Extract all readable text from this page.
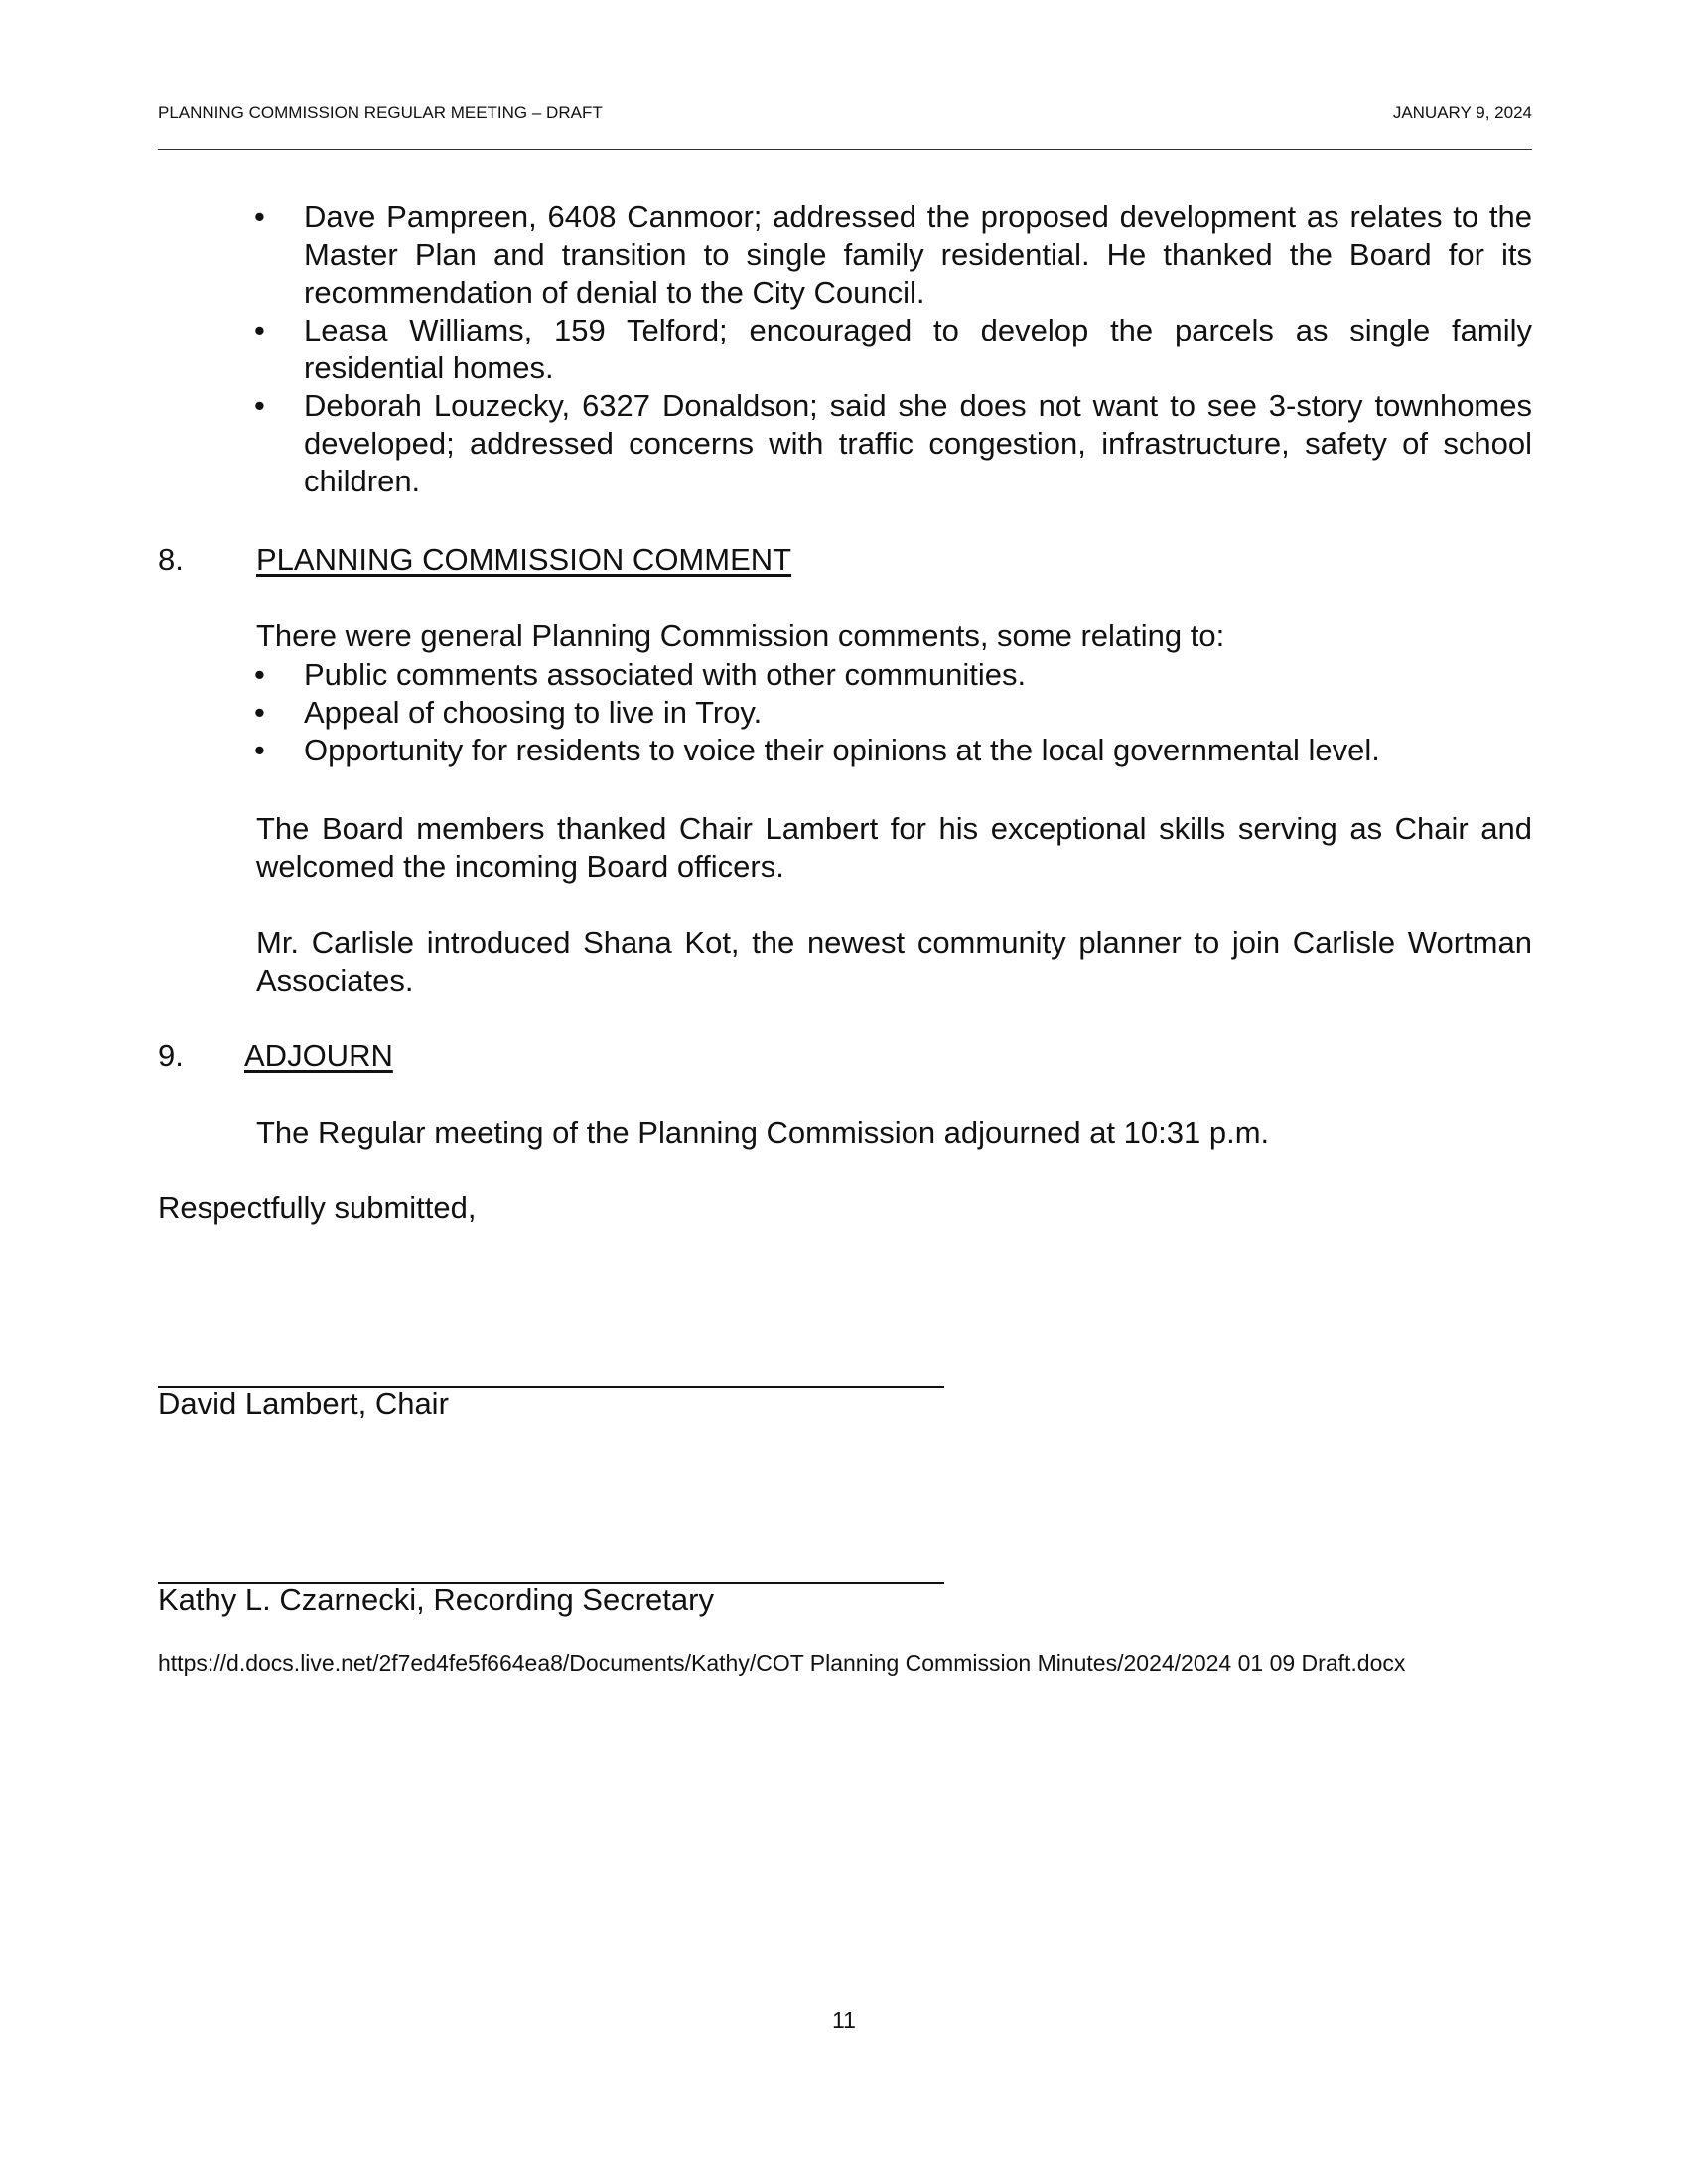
PLANNING COMMISSION REGULAR MEETING – DRAFT	JANUARY 9, 2024
•	Dave Pampreen, 6408 Canmoor; addressed the proposed development as relates to the Master Plan and transition to single family residential. He thanked the Board for its recommendation of denial to the City Council.
•	Leasa Williams, 159 Telford; encouraged to develop the parcels as single family residential homes.
•	Deborah Louzecky, 6327 Donaldson; said she does not want to see 3-story townhomes developed; addressed concerns with traffic congestion, infrastructure, safety of school children.
8. PLANNING COMMISSION COMMENT
There were general Planning Commission comments, some relating to:
•	Public comments associated with other communities.
•	Appeal of choosing to live in Troy.
•	Opportunity for residents to voice their opinions at the local governmental level.
The Board members thanked Chair Lambert for his exceptional skills serving as Chair and welcomed the incoming Board officers.
Mr. Carlisle introduced Shana Kot, the newest community planner to join Carlisle Wortman Associates.
9. ADJOURN
The Regular meeting of the Planning Commission adjourned at 10:31 p.m.
Respectfully submitted,
David Lambert, Chair
Kathy L. Czarnecki, Recording Secretary
https://d.docs.live.net/2f7ed4fe5f664ea8/Documents/Kathy/COT Planning Commission Minutes/2024/2024 01 09 Draft.docx
11
